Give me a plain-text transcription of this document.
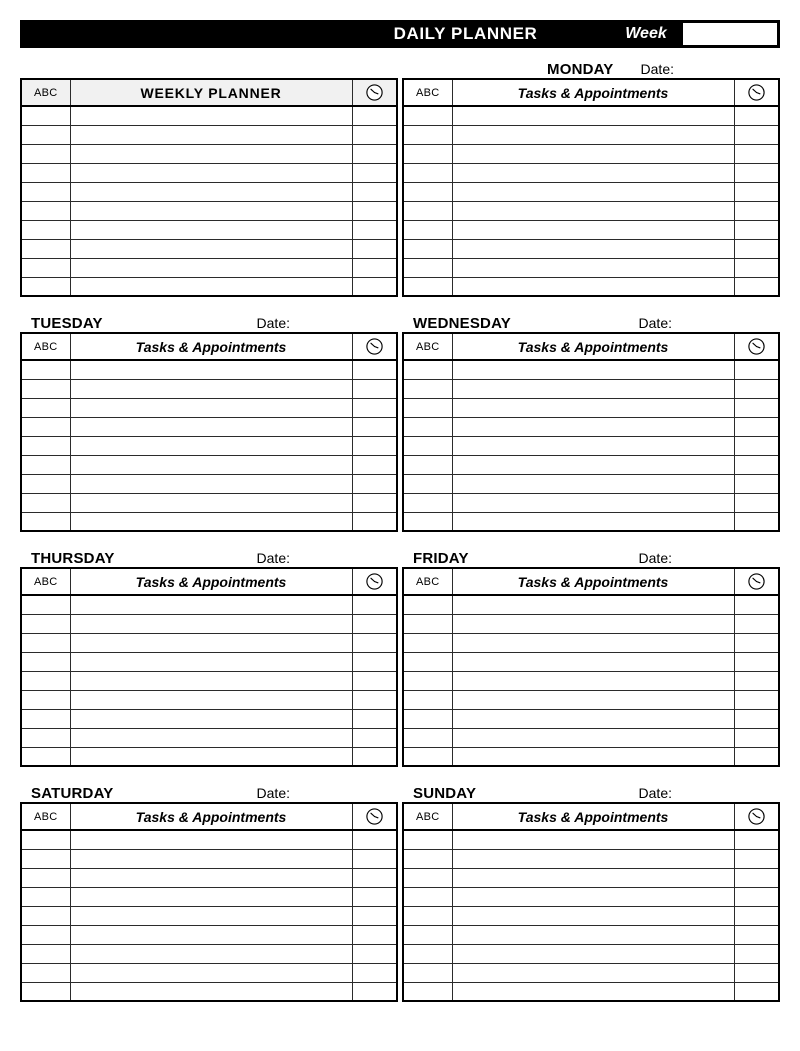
DAILY PLANNER	Week
MONDAY Date:
ABC	WEEKLY PLANNER	

			ABC	Tasks & Appointments	

TUESDAY	Date:	WEDNESDAY	Date:
ABC	Tasks & Appointments	

			ABC	Tasks & Appointments	

THURSDAY	Date:	FRIDAY	Date:
ABC	Tasks & Appointments	

			ABC	Tasks & Appointments	

SATURDAY	Date:	SUNDAY	Date:
ABC	Tasks & Appointments	

			ABC	Tasks & Appointments	
